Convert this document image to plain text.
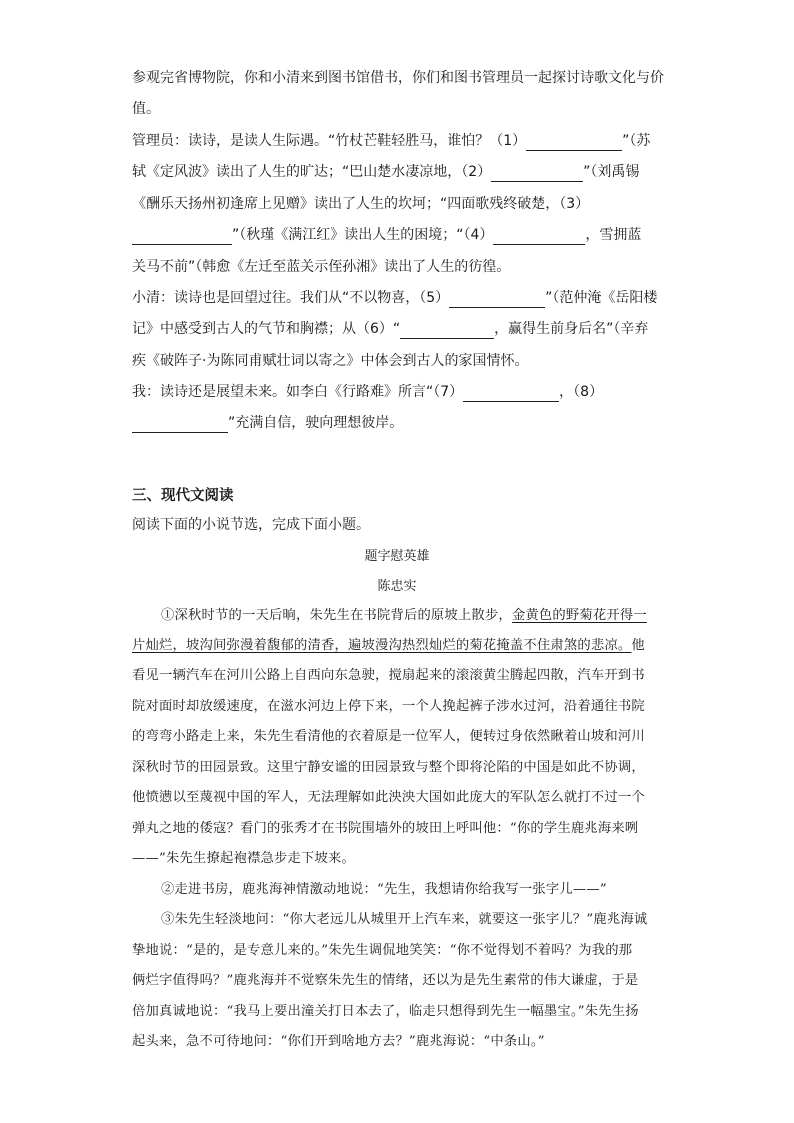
参观完省博物院，你和小清来到图书馆借书，你们和图书管理员一起探讨诗歌文化与价
值。
管理员：读诗，是读人生际遇。“竹杖芒鞋轻胜马，谁怕？（1）	”（苏
轼《定风波》读出了人生的旷达；“巴山楚水凄凉地，（2）	”（刘禹锡
《酬乐天扬州初逢席上见赠》读出了人生的坎坷；“四面歌残终破楚，（3）
”（秋瑾《满江红》读出人生的困境；“（4）	，雪拥蓝
关马不前”（韩愈《左迁至蓝关示侄孙湘》读出了人生的彷徨。
小清：读诗也是回望过往。我们从“不以物喜，（5）	”（范仲淹《岳阳楼
记》中感受到古人的气节和胸襟；从（6）“	，赢得生前身后名”（辛弃
疾《破阵子·为陈同甫赋壮词以寄之》中体会到古人的家国情怀。
我：读诗还是展望未来。如李白《行路难》所言“（7）	，（8）
”充满自信，驶向理想彼岸。
三、现代文阅读
阅读下面的小说节选，完成下面小题。
题字慰英雄
陈忠实
①深秋时节的一天后晌，朱先生在书院背后的原坡上散步，金黄色的野菊花开得一
片灿烂，坡沟间弥漫着馥郁的清香，遍坡漫沟热烈灿烂的菊花掩盖不住肃煞的悲凉。他
看见一辆汽车在河川公路上自西向东急驶，搅扇起来的滚滚黄尘腾起四散，汽车开到书
院对面时却放缓速度，在滋水河边上停下来，一个人挽起裤子涉水过河，沿着通往书院
的弯弯小路走上来，朱先生看清他的衣着原是一位军人，便转过身依然瞅着山坡和河川
深秋时节的田园景致。这里宁静安谧的田园景致与整个即将沦陷的中国是如此不协调，
他愤懑以至蔑视中国的军人，无法理解如此泱泱大国如此庞大的军队怎么就打不过一个
弹丸之地的倭寇？看门的张秀才在书院围墙外的坡田上呼叫他：“你的学生鹿兆海来咧
——”朱先生撩起袍襟急步走下坡来。
②走进书房，鹿兆海神情激动地说：“先生，我想请你给我写一张字儿——”
③朱先生轻淡地问：“你大老远儿从城里开上汽车来，就要这一张字儿？”鹿兆海诚
挚地说：“是的，是专意儿来的。”朱先生调侃地笑笑：“你不觉得划不着吗？为我的那
俩烂字值得吗？”鹿兆海并不觉察朱先生的情绪，还以为是先生素常的伟大谦虚，于是
倍加真诚地说：“我马上要出潼关打日本去了，临走只想得到先生一幅墨宝。”朱先生扬
起头来，急不可待地问：“你们开到啥地方去？”鹿兆海说：“中条山。”
